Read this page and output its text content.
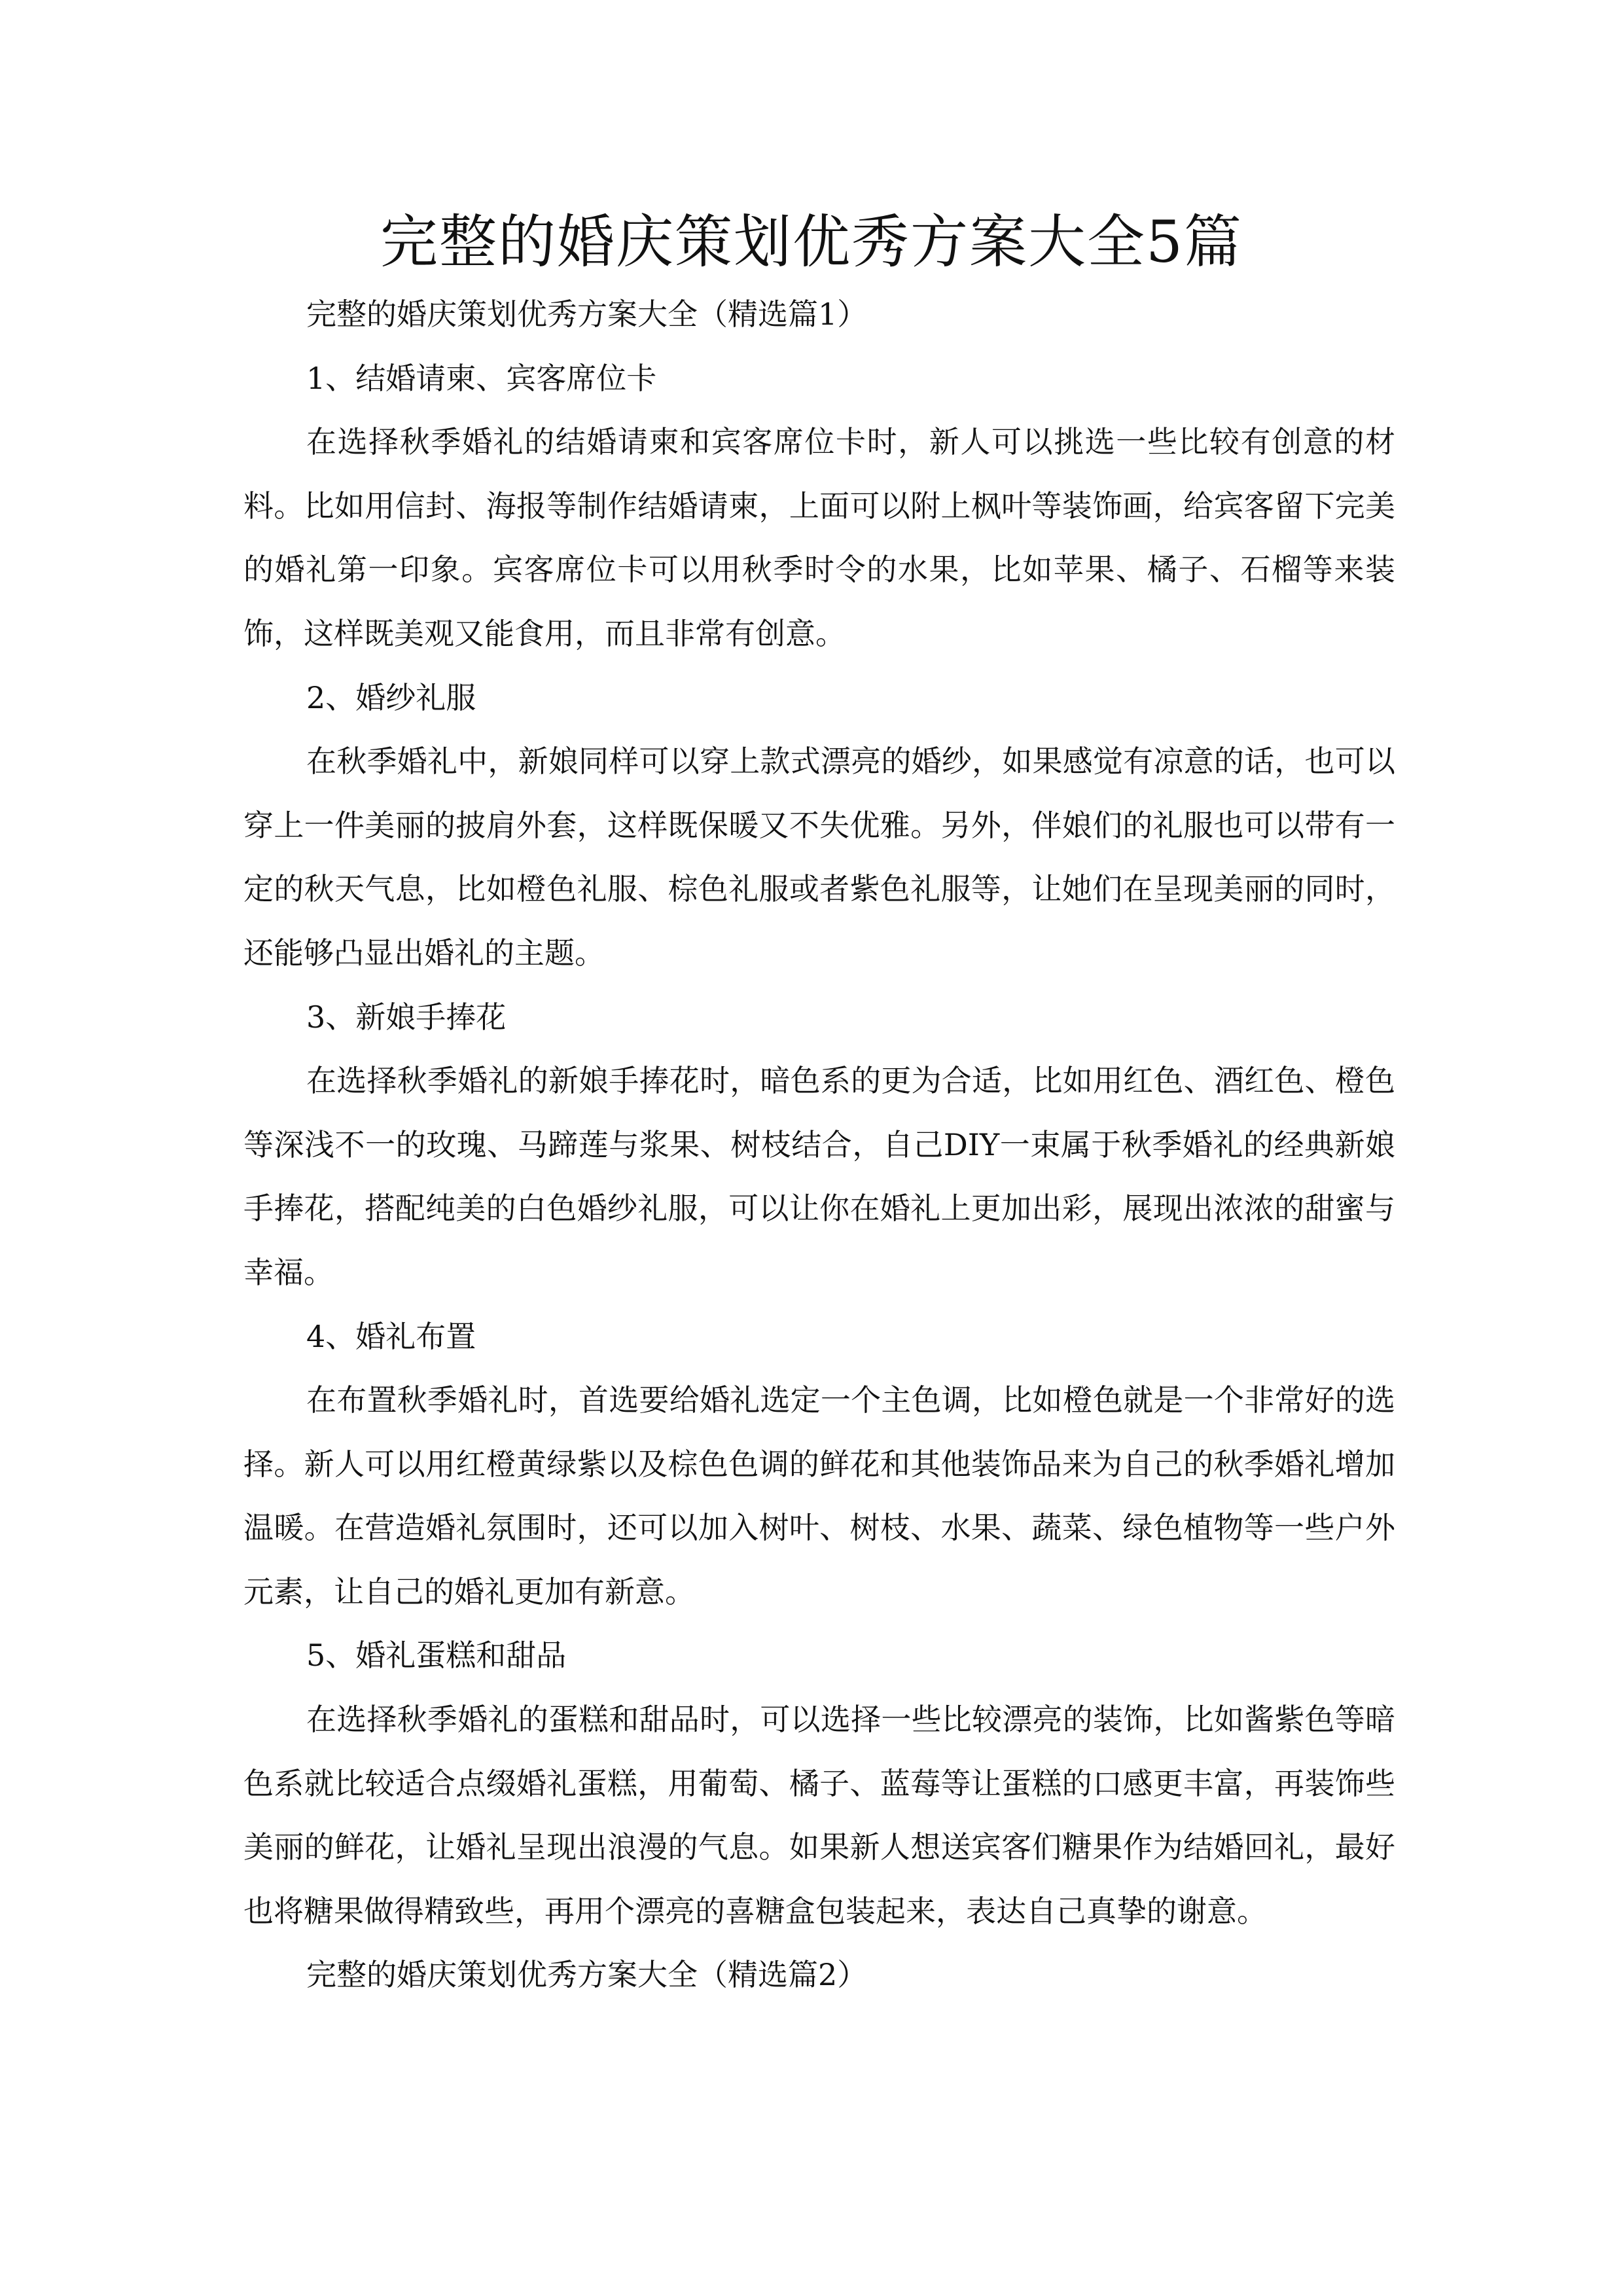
完整的婚庆策划优秀方案大全5篇

完整的婚庆策划优秀方案大全（精选篇1）

1、结婚请柬、宾客席位卡

在选择秋季婚礼的结婚请柬和宾客席位卡时，新人可以挑选一些比较有创意的材料。比如用信封、海报等制作结婚请柬，上面可以附上枫叶等装饰画，给宾客留下完美的婚礼第一印象。宾客席位卡可以用秋季时令的水果，比如苹果、橘子、石榴等来装饰，这样既美观又能食用，而且非常有创意。

2、婚纱礼服

在秋季婚礼中，新娘同样可以穿上款式漂亮的婚纱，如果感觉有凉意的话，也可以穿上一件美丽的披肩外套，这样既保暖又不失优雅。另外，伴娘们的礼服也可以带有一定的秋天气息，比如橙色礼服、棕色礼服或者紫色礼服等，让她们在呈现美丽的同时，还能够凸显出婚礼的主题。

3、新娘手捧花

在选择秋季婚礼的新娘手捧花时，暗色系的更为合适，比如用红色、酒红色、橙色等深浅不一的玫瑰、马蹄莲与浆果、树枝结合，自己DIY一束属于秋季婚礼的经典新娘手捧花，搭配纯美的白色婚纱礼服，可以让你在婚礼上更加出彩，展现出浓浓的甜蜜与幸福。

4、婚礼布置

在布置秋季婚礼时，首选要给婚礼选定一个主色调，比如橙色就是一个非常好的选择。新人可以用红橙黄绿紫以及棕色色调的鲜花和其他装饰品来为自己的秋季婚礼增加温暖。在营造婚礼氛围时，还可以加入树叶、树枝、水果、蔬菜、绿色植物等一些户外元素，让自己的婚礼更加有新意。

5、婚礼蛋糕和甜品

在选择秋季婚礼的蛋糕和甜品时，可以选择一些比较漂亮的装饰，比如酱紫色等暗色系就比较适合点缀婚礼蛋糕，用葡萄、橘子、蓝莓等让蛋糕的口感更丰富，再装饰些美丽的鲜花，让婚礼呈现出浪漫的气息。如果新人想送宾客们糖果作为结婚回礼，最好也将糖果做得精致些，再用个漂亮的喜糖盒包装起来，表达自己真挚的谢意。

完整的婚庆策划优秀方案大全（精选篇2）
